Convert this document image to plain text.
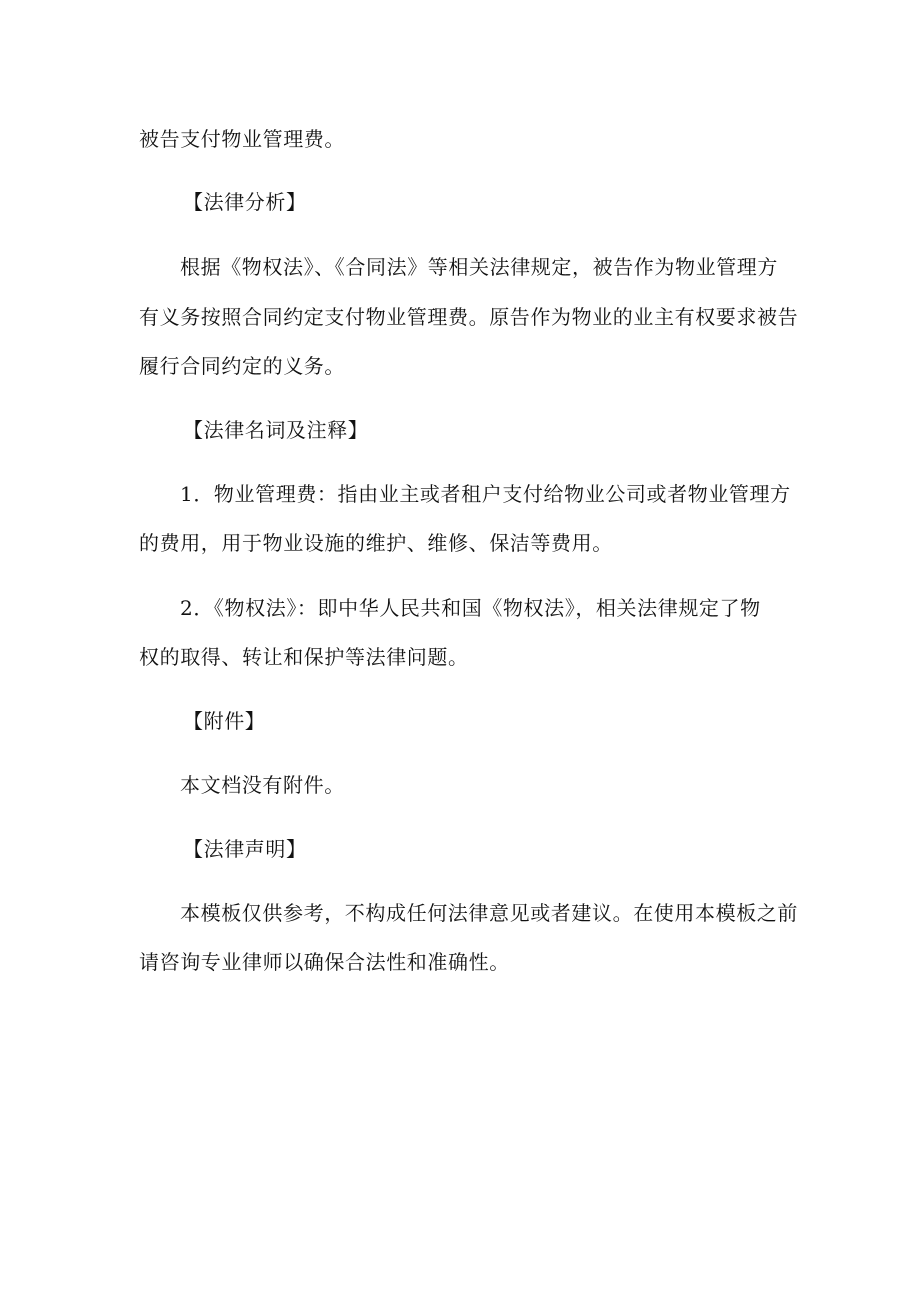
被告支付物业管理费。
【法律分析】
根据《物权法》、《合同法》等相关法律规定，被告作为物业管理方
有义务按照合同约定支付物业管理费。原告作为物业的业主有权要求被告
履行合同约定的义务。
【法律名词及注释】
1．物业管理费：指由业主或者租户支付给物业公司或者物业管理方
的费用，用于物业设施的维护、维修、保洁等费用。
2．《物权法》：即中华人民共和国《物权法》，相关法律规定了物
权的取得、转让和保护等法律问题。
【附件】
本文档没有附件。
【法律声明】
本模板仅供参考，不构成任何法律意见或者建议。在使用本模板之前
请咨询专业律师以确保合法性和准确性。
